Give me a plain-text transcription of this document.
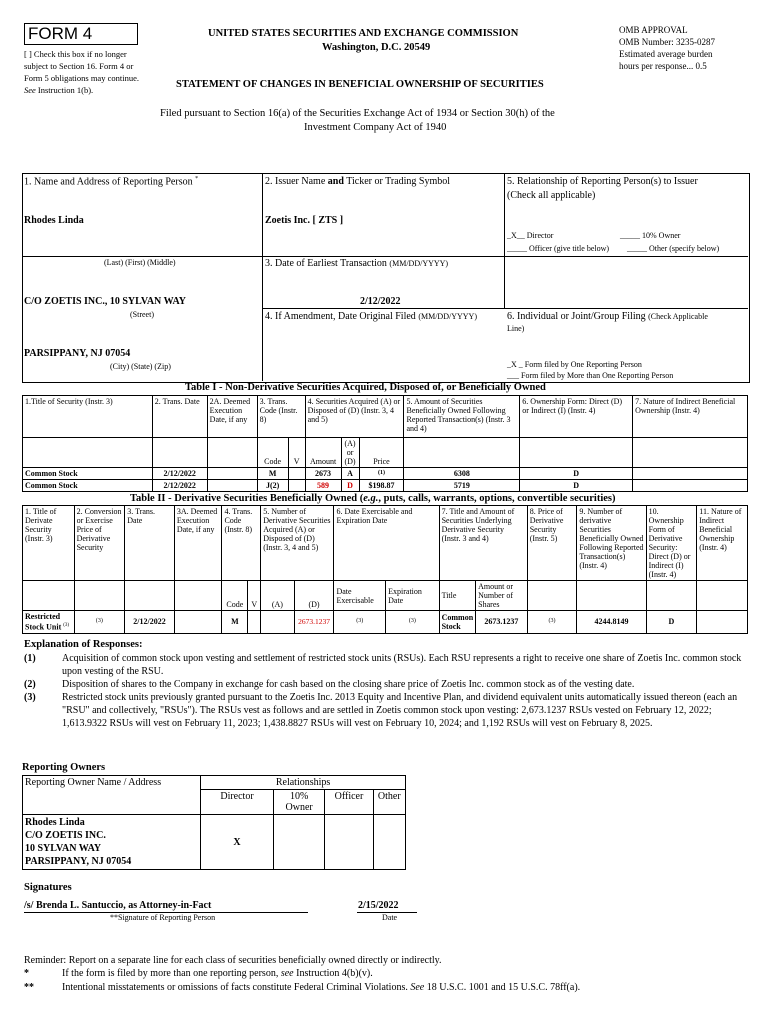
FORM 4
[ ] Check this box if no longer subject to Section 16. Form 4 or Form 5 obligations may continue. See Instruction 1(b).
UNITED STATES SECURITIES AND EXCHANGE COMMISSION
Washington, D.C. 20549
OMB APPROVAL
OMB Number: 3235-0287
Estimated average burden
hours per response... 0.5
STATEMENT OF CHANGES IN BENEFICIAL OWNERSHIP OF SECURITIES
Filed pursuant to Section 16(a) of the Securities Exchange Act of 1934 or Section 30(h) of the
Investment Company Act of 1940
1. Name and Address of Reporting Person *
Rhodes Linda
(Last) (First) (Middle)
C/O ZOETIS INC., 10 SYLVAN WAY
(Street)
PARSIPPANY, NJ 07054
(City) (State) (Zip)
2. Issuer Name and Ticker or Trading Symbol
Zoetis Inc. [ ZTS ]
3. Date of Earliest Transaction (MM/DD/YYYY)
2/12/2022
4. If Amendment, Date Original Filed (MM/DD/YYYY)
5. Relationship of Reporting Person(s) to Issuer
(Check all applicable)
_X__ Director	_____ 10% Owner
_____ Officer (give title below) _____ Other (specify below)
6. Individual or Joint/Group Filing (Check Applicable
Line)
_X _ Form filed by One Reporting Person
___ Form filed by More than One Reporting Person
Table I - Non-Derivative Securities Acquired, Disposed of, or Beneficially Owned
1.Title of Security (Instr. 3)	2. Trans. Date	2A. Deemed Execution Date, if any	3. Trans. Code (Instr. 8)		4. Securities Acquired (A) or Disposed of (D) (Instr. 3, 4 and 5)			5. Amount of Securities Beneficially Owned Following Reported Transaction(s) (Instr. 3 and 4)	6. Ownership Form: Direct (D) or Indirect (I) (Instr. 4)	7. Nature of Indirect Beneficial Ownership (Instr. 4)
			Code	V	Amount	(A) or (D)	Price			
Common Stock	2/12/2022		M		2673	A	(1)	6308	D	
Common Stock	2/12/2022		J(2)		589	D	$198.87	5719	D	
Table II - Derivative Securities Beneficially Owned (e.g., puts, calls, warrants, options, convertible securities)
1. Title of Derivate Security (Instr. 3)	2. Conversion or Exercise Price of Derivative Security	3. Trans. Date	3A. Deemed Execution Date, if any	4. Trans. Code (Instr. 8)		5. Number of Derivative Securities Acquired (A) or Disposed of (D) (Instr. 3, 4 and 5)		6. Date Exercisable and Expiration Date		7. Title and Amount of Securities Underlying Derivative Security (Instr. 3 and 4)		8. Price of Derivative Security (Instr. 5)	9. Number of derivative Securities Beneficially Owned Following Reported Transaction(s) (Instr. 4)	10. Ownership Form of Derivative Security: Direct (D) or Indirect (I) (Instr. 4)	11. Nature of Indirect Beneficial Ownership (Instr. 4)
				Code	V	(A)	(D)	Date Exercisable	Expiration Date	Title	Amount or Number of Shares				
Restricted Stock Unit $^{(3)}$	(3)	2/12/2022		M			2673.1237	(3)	(3)	Common Stock	2673.1237	(3)	4244.8149	D	
Explanation of Responses:
(1)	Acquisition of common stock upon vesting and settlement of restricted stock units (RSUs). Each RSU represents a right to receive one share of Zoetis Inc. common stock upon vesting of the RSU.
(2)	Disposition of shares to the Company in exchange for cash based on the closing share price of Zoetis Inc. common stock as of the vesting date.
(3)	Restricted stock units previously granted pursuant to the Zoetis Inc. 2013 Equity and Incentive Plan, and dividend equivalent units automatically issued thereon (each an "RSU" and collectively, "RSUs"). The RSUs vest as follows and are settled in Zoetis common stock upon vesting: 2,673.1237 RSUs vested on February 12, 2022; 1,613.9322 RSUs will vest on February 11, 2023; 1,438.8827 RSUs will vest on February 10, 2024; and 1,192 RSUs will vest on February 8, 2025.
Reporting Owners
Reporting Owner Name / Address	Relationships			
	Director	10% Owner	Officer	Other

Rhodes Linda
C/O ZOETIS INC.
10 SYLVAN WAY
PARSIPPANY, NJ 07054	X			
Signatures
/s/ Brenda L. Santuccio, as Attorney-in-Fact
**Signature of Reporting Person
2/15/2022
Date
Reminder: Report on a separate line for each class of securities beneficially owned directly or indirectly.
*	If the form is filed by more than one reporting person, see Instruction 4(b)(v).
**	Intentional misstatements or omissions of facts constitute Federal Criminal Violations. See 18 U.S.C. 1001 and 15 U.S.C. 78ff(a).
